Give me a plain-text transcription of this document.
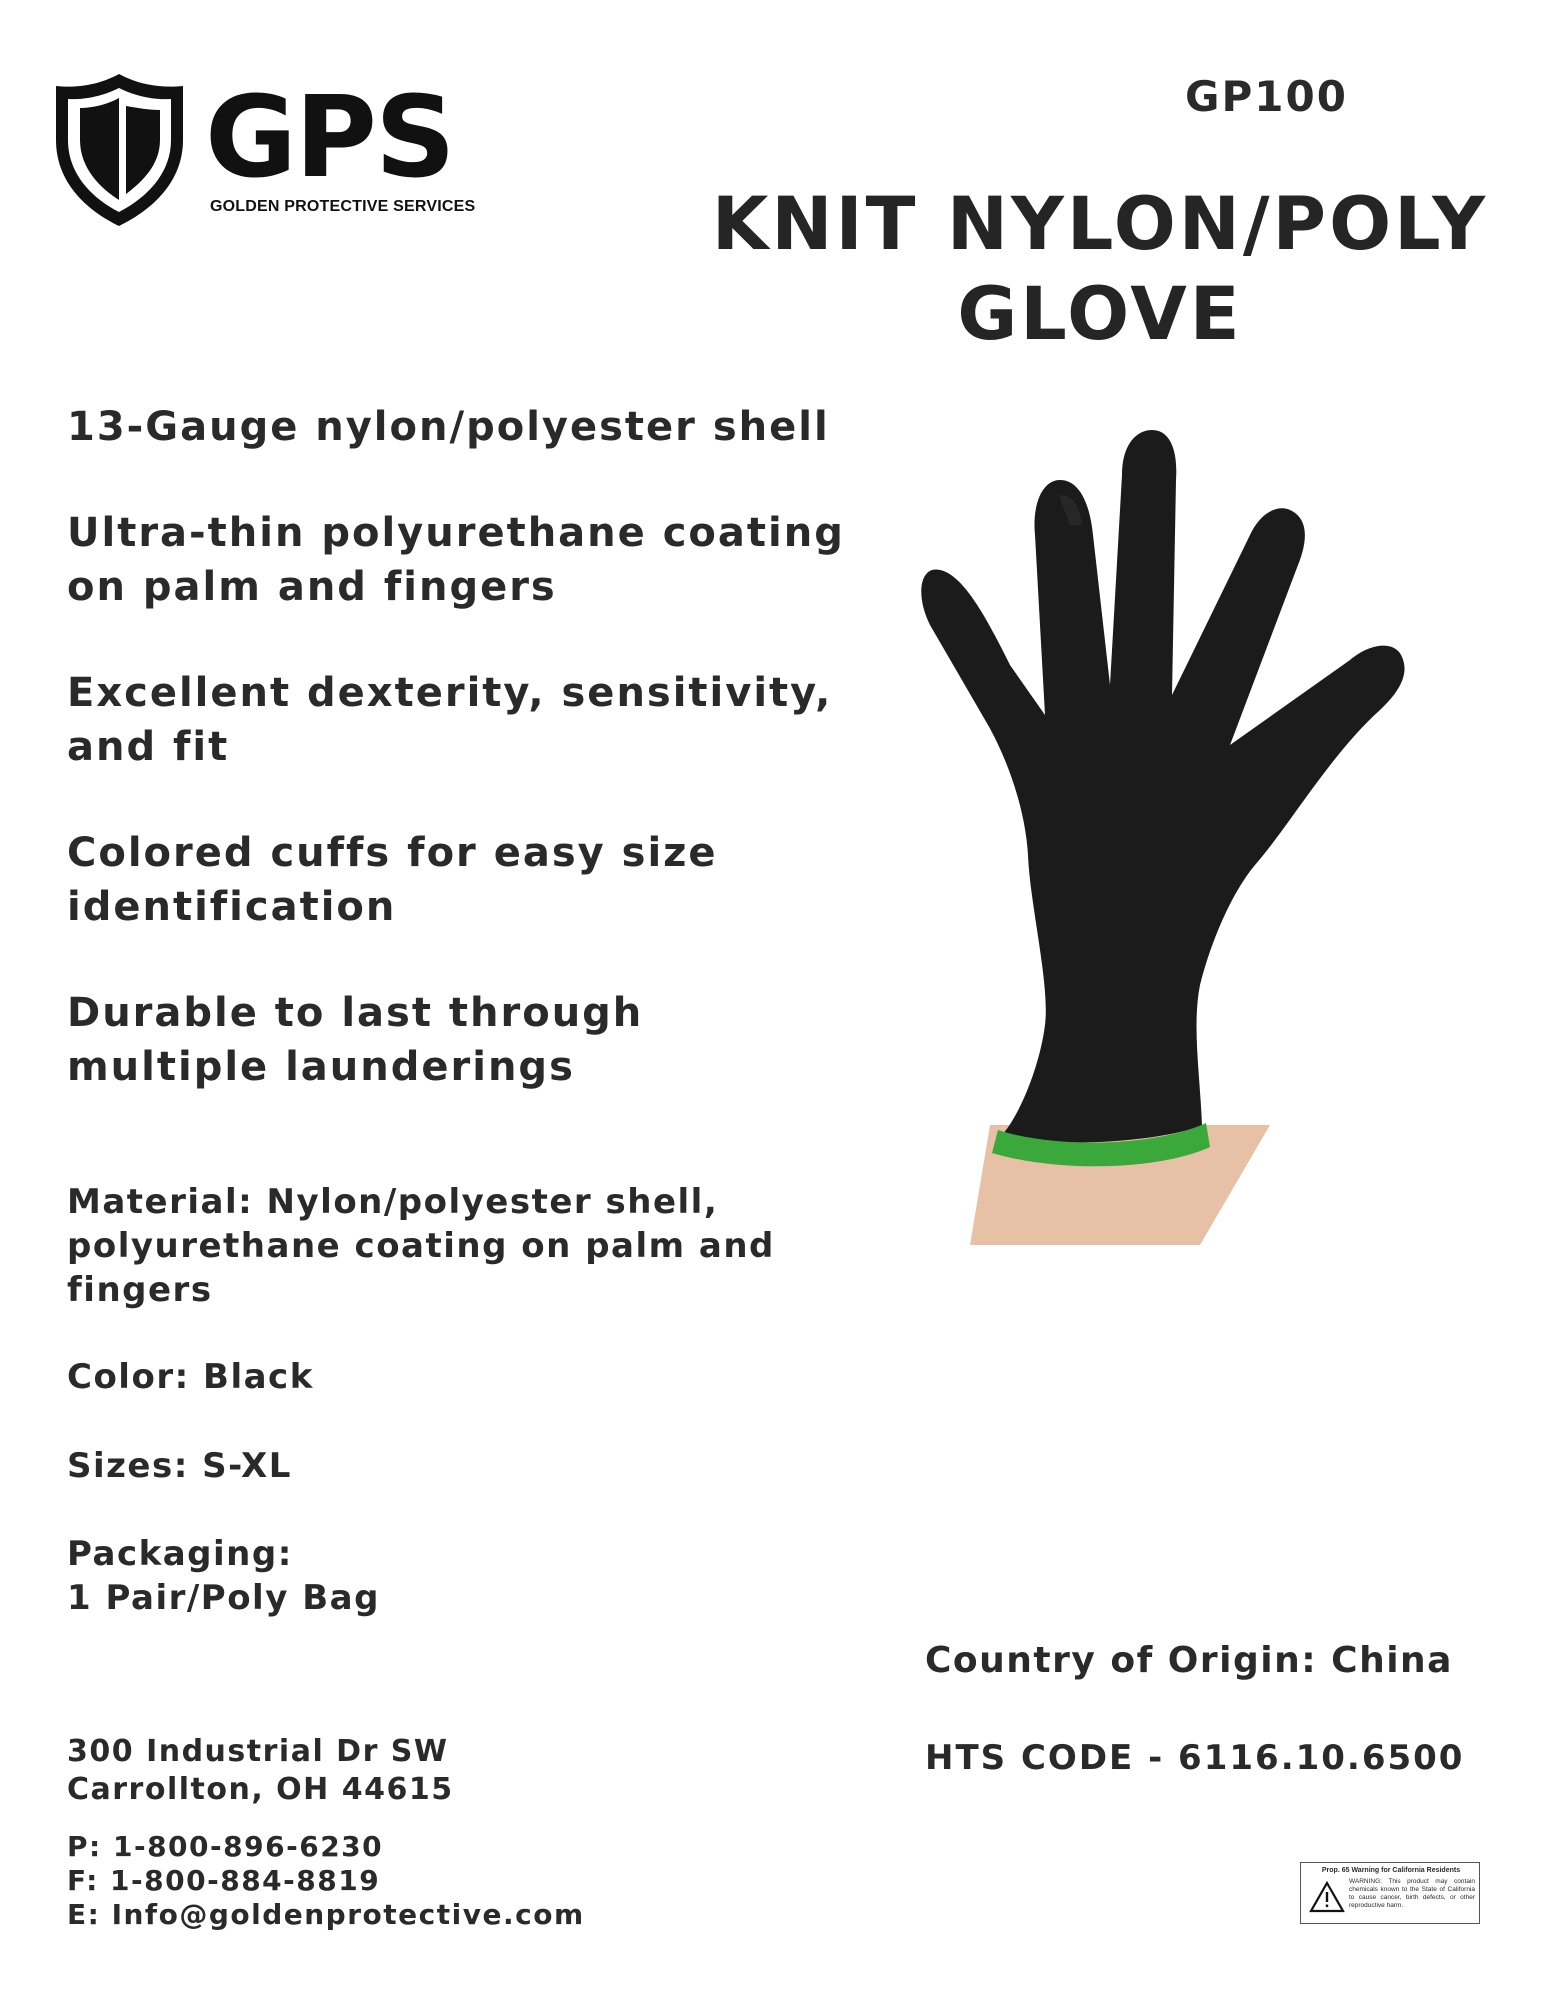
GPS
GOLDEN PROTECTIVE SERVICES
GP100
KNIT NYLON/POLY
GLOVE
13-Gauge nylon/polyester shell
Ultra-thin polyurethane coating on palm and fingers
Excellent dexterity, sensitivity, and fit
Colored cuffs for easy size identification
Durable to last through multiple launderings
Material: Nylon/polyester shell, polyurethane coating on palm and fingers
Color: Black
Sizes: S-XL
Packaging:
1 Pair/Poly Bag
Country of Origin: China
HTS CODE - 6116.10.6500
300 Industrial Dr SW
Carrollton, OH 44615
P: 1-800-896-6230
F: 1-800-884-8819
E: Info@goldenprotective.com
Prop. 65 Warning for California Residents
WARNING: This product may contain chemicals known to the State of California to cause cancer, birth defects, or other reproductive harm.
